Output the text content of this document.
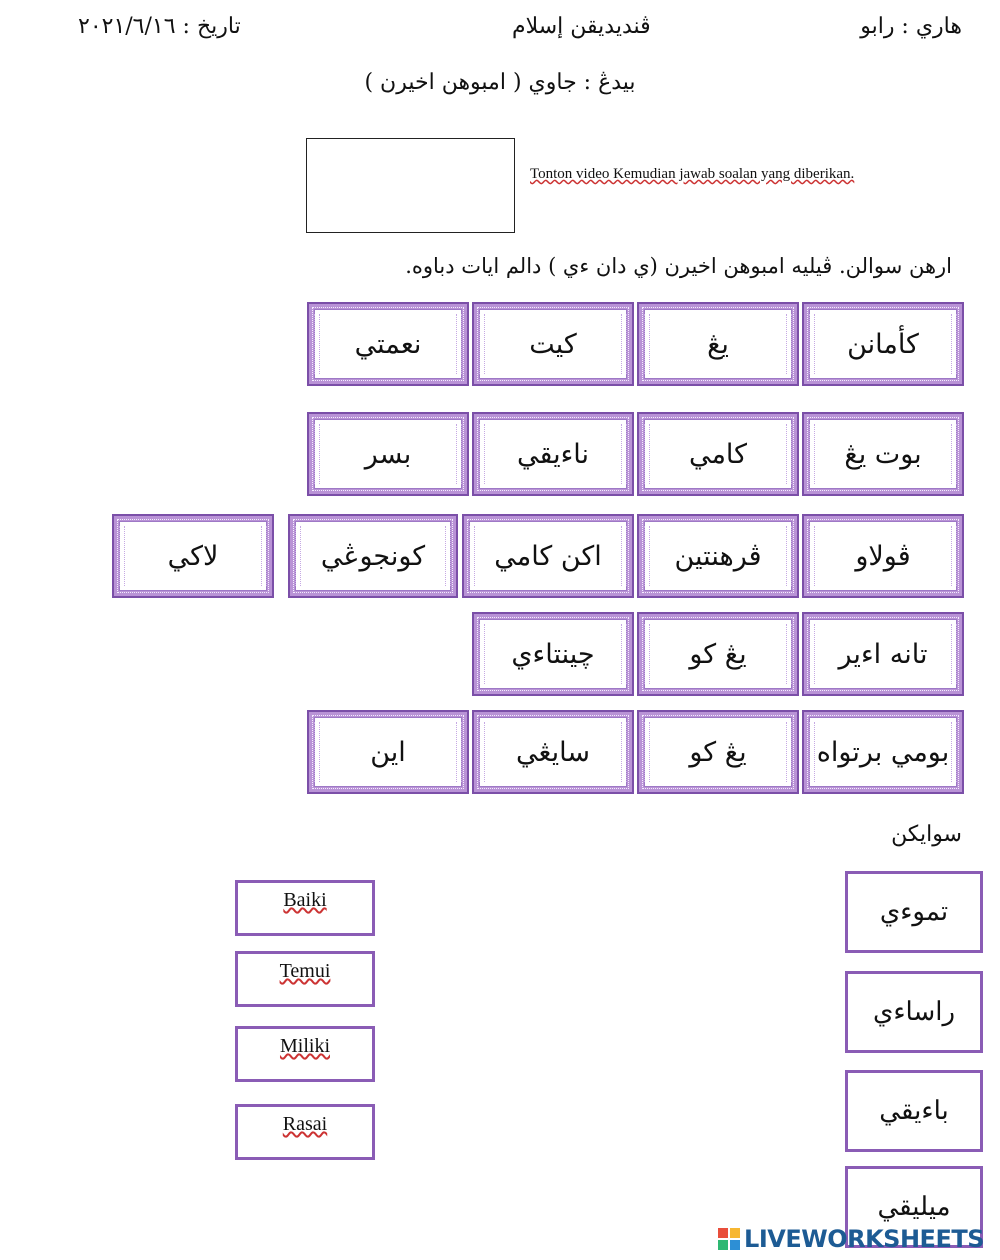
تاريخ : ٢٠٢١/٦/١٦	ڤنديديقن إسلام	هاري : رابو
بيدڠ : جاوي ( امبوهن اخيرن )
Tonton video Kemudian jawab soalan yang diberikan.
ارهن سوالن. ڤيليه امبوهن اخيرن (ي دان ءي ) دالم ايات دباوه.
كأمانن
يڠ
كيت
نعمتي
بوت يڠ
كامي
ناءيقي
بسر
ڤولاو
ڤرهنتين
اكن كامي
كونجوڠي
لاكي
تانه اءير
يڠ كو
چينتاءي
بومي برتواه
يڠ كو
سايڠي
اين
سوايكن
Baiki
Temui
Miliki
Rasai
تموءي
راساءي
باءيقي
ميليقي
LIVEWORKSHEETS
